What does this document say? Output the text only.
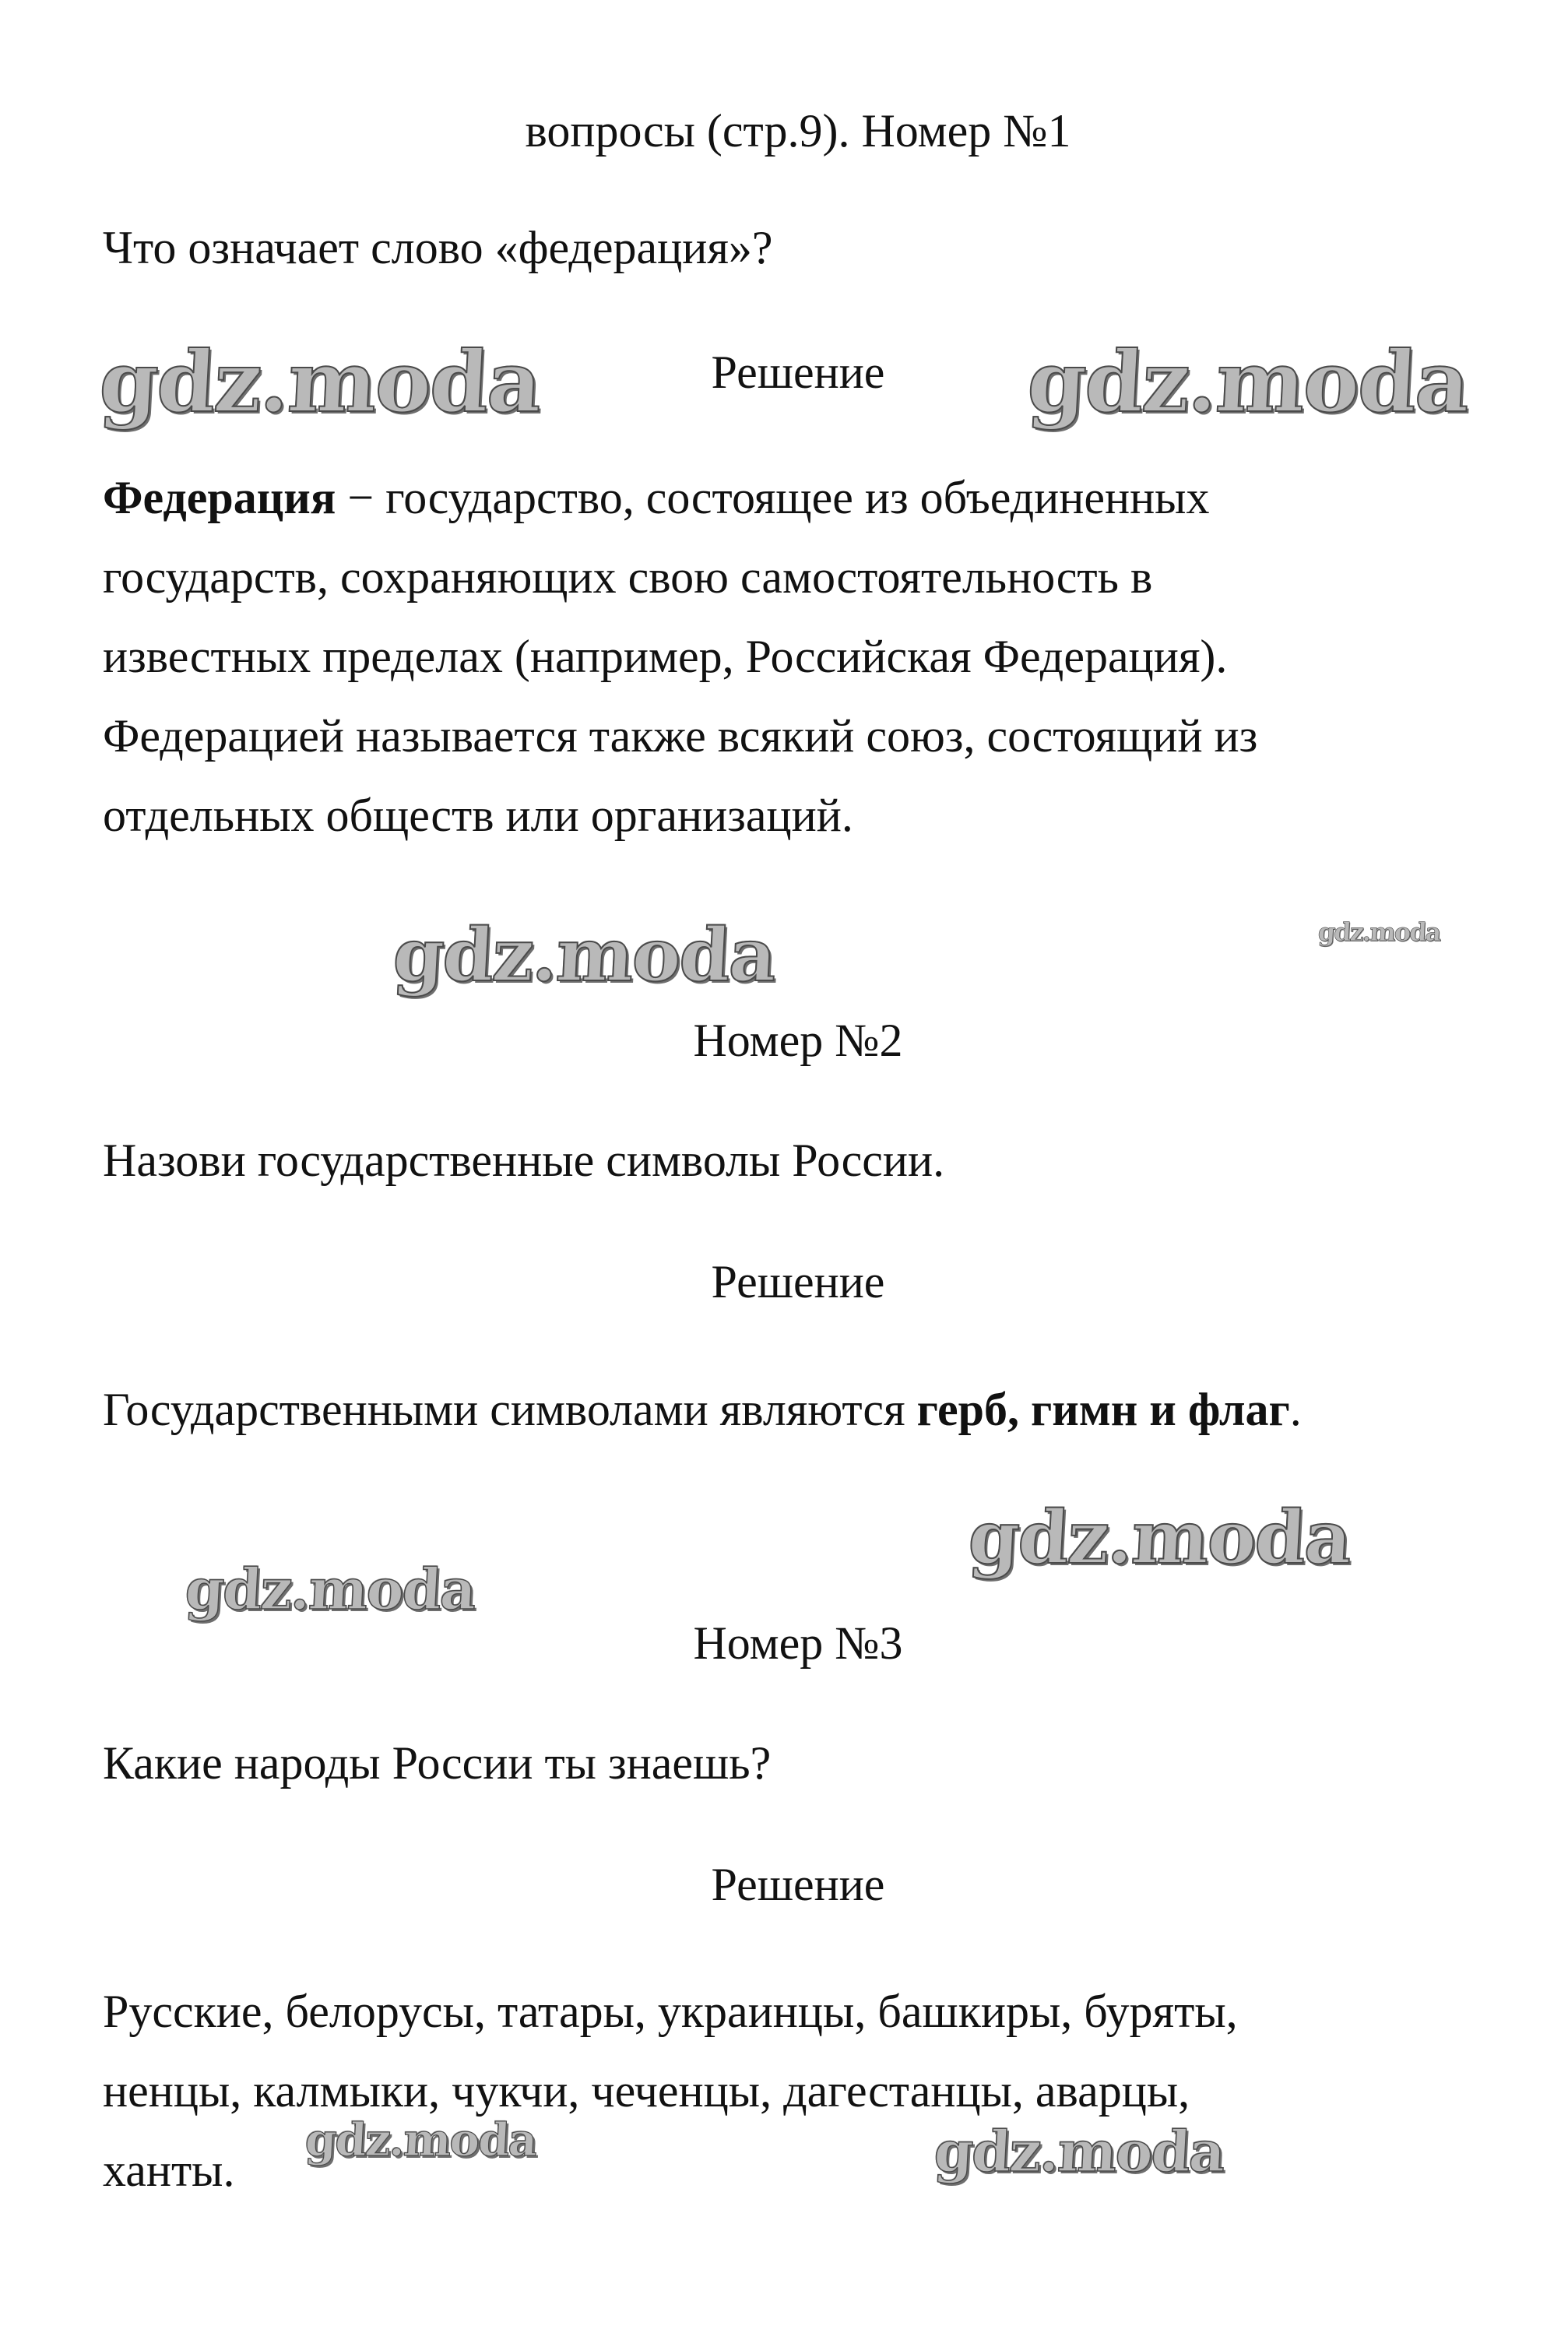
вопросы (стр.9). Номер №1
Что означает слово «федерация»?
gdz.moda	Решение	gdz.moda

Федерация − государство, состоящее из объединенных

государств, сохраняющих свою самостоятельность в

известных пределах (например, Российская Федерация).

Федерацией называется также всякий союз, состоящий из

отдельных обществ или организаций.

gdz.moda	gdz.moda
Номер №2
Назови государственные символы России.
Решение
Государственными символами являются герб, гимн и флаг.
gdz.moda
gdz.moda
Номер №3
Какие народы России ты знаешь?
Решение

Русские, белорусы, татары, украинцы, башкиры, буряты,

ненцы, калмыки, чукчи, чеченцы, дагестанцы, аварцы,

ханты.

gdz.moda	gdz.moda
